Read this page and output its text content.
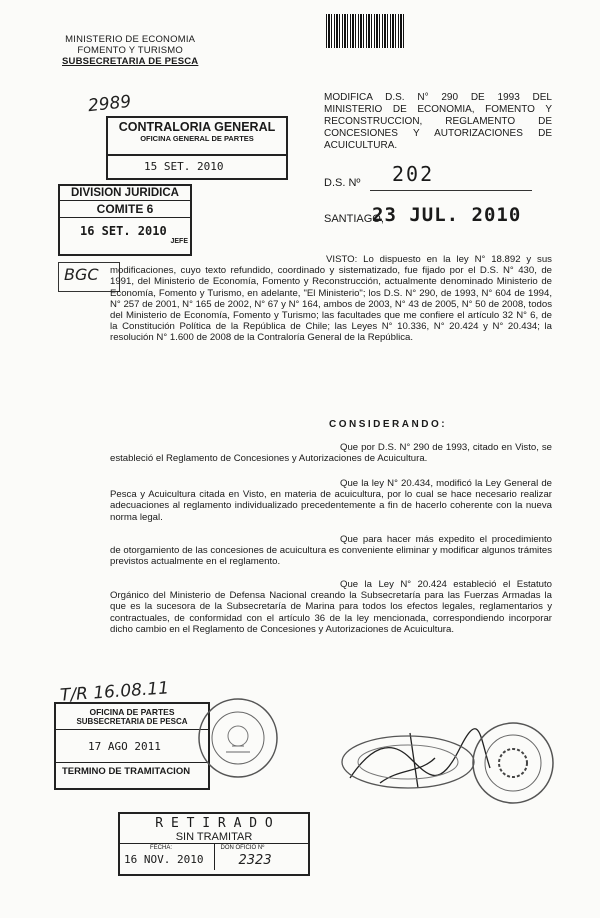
MINISTERIO DE ECONOMIA
FOMENTO Y TURISMO
SUBSECRETARIA DE PESCA
2989	MODIFICA D.S. N° 290 DE 1993 DEL MINISTERIO DE ECONOMIA, FOMENTO Y RECONSTRUCCION, REGLAMENTO DE CONCESIONES Y AUTORIZACIONES DE ACUICULTURA.
CONTRALORIA GENERAL
OFICINA GENERAL DE PARTES
15 SET. 2010
DIVISION JURIDICA
COMITE 6
16 SET. 2010
JEFE
BGC
D.S. Nº 202
SANTIAGO,
23 JUL. 2010
VISTO: Lo dispuesto en la ley N° 18.892 y sus modificaciones, cuyo texto refundido, coordinado y sistematizado, fue fijado por el D.S. N° 430, de 1991, del Ministerio de Economía, Fomento y Reconstrucción, actualmente denominado Ministerio de Economía, Fomento y Turismo, en adelante, "El Ministerio"; los D.S. N° 290, de 1993, N° 604 de 1994, N° 257 de 2001, N° 165 de 2002, N° 67 y N° 164, ambos de 2003, N° 43 de 2005, N° 50 de 2008, todos del Ministerio de Economía, Fomento y Turismo; las facultades que me confiere el artículo 32 N° 6, de la Constitución Política de la República de Chile; las Leyes N° 10.336, N° 20.424 y N° 20.434; la resolución N° 1.600 de 2008 de la Contraloría General de la República.
CONSIDERANDO:
Que por D.S. N° 290 de 1993, citado en Visto, se estableció el Reglamento de Concesiones y Autorizaciones de Acuicultura.
Que la ley N° 20.434, modificó la Ley General de Pesca y Acuicultura citada en Visto, en materia de acuicultura, por lo cual se hace necesario realizar adecuaciones al reglamento individualizado precedentemente a fin de hacerlo coherente con la nueva norma legal.
Que para hacer más expedito el procedimiento de otorgamiento de las concesiones de acuicultura es conveniente eliminar y modificar algunos trámites previstos actualmente en el reglamento.
Que la Ley N° 20.424 estableció el Estatuto Orgánico del Ministerio de Defensa Nacional creando la Subsecretaría para las Fuerzas Armadas la que es la sucesora de la Subsecretaría de Marina para todos los efectos legales, reglamentarios y contractuales, de conformidad con el artículo 36 de la ley mencionada, correspondiendo incorporar dicho cambio en el Reglamento de Concesiones y Autorizaciones de Acuicultura.
T/R 16.08.11
OFICINA DE PARTES
SUBSECRETARIA DE PESCA
17 AGO 2011
TERMINO DE TRAMITACION
R E T I R A D O
SIN TRAMITAR
FECHA:
16 NOV. 2010
DON OFICIO Nº
2323
